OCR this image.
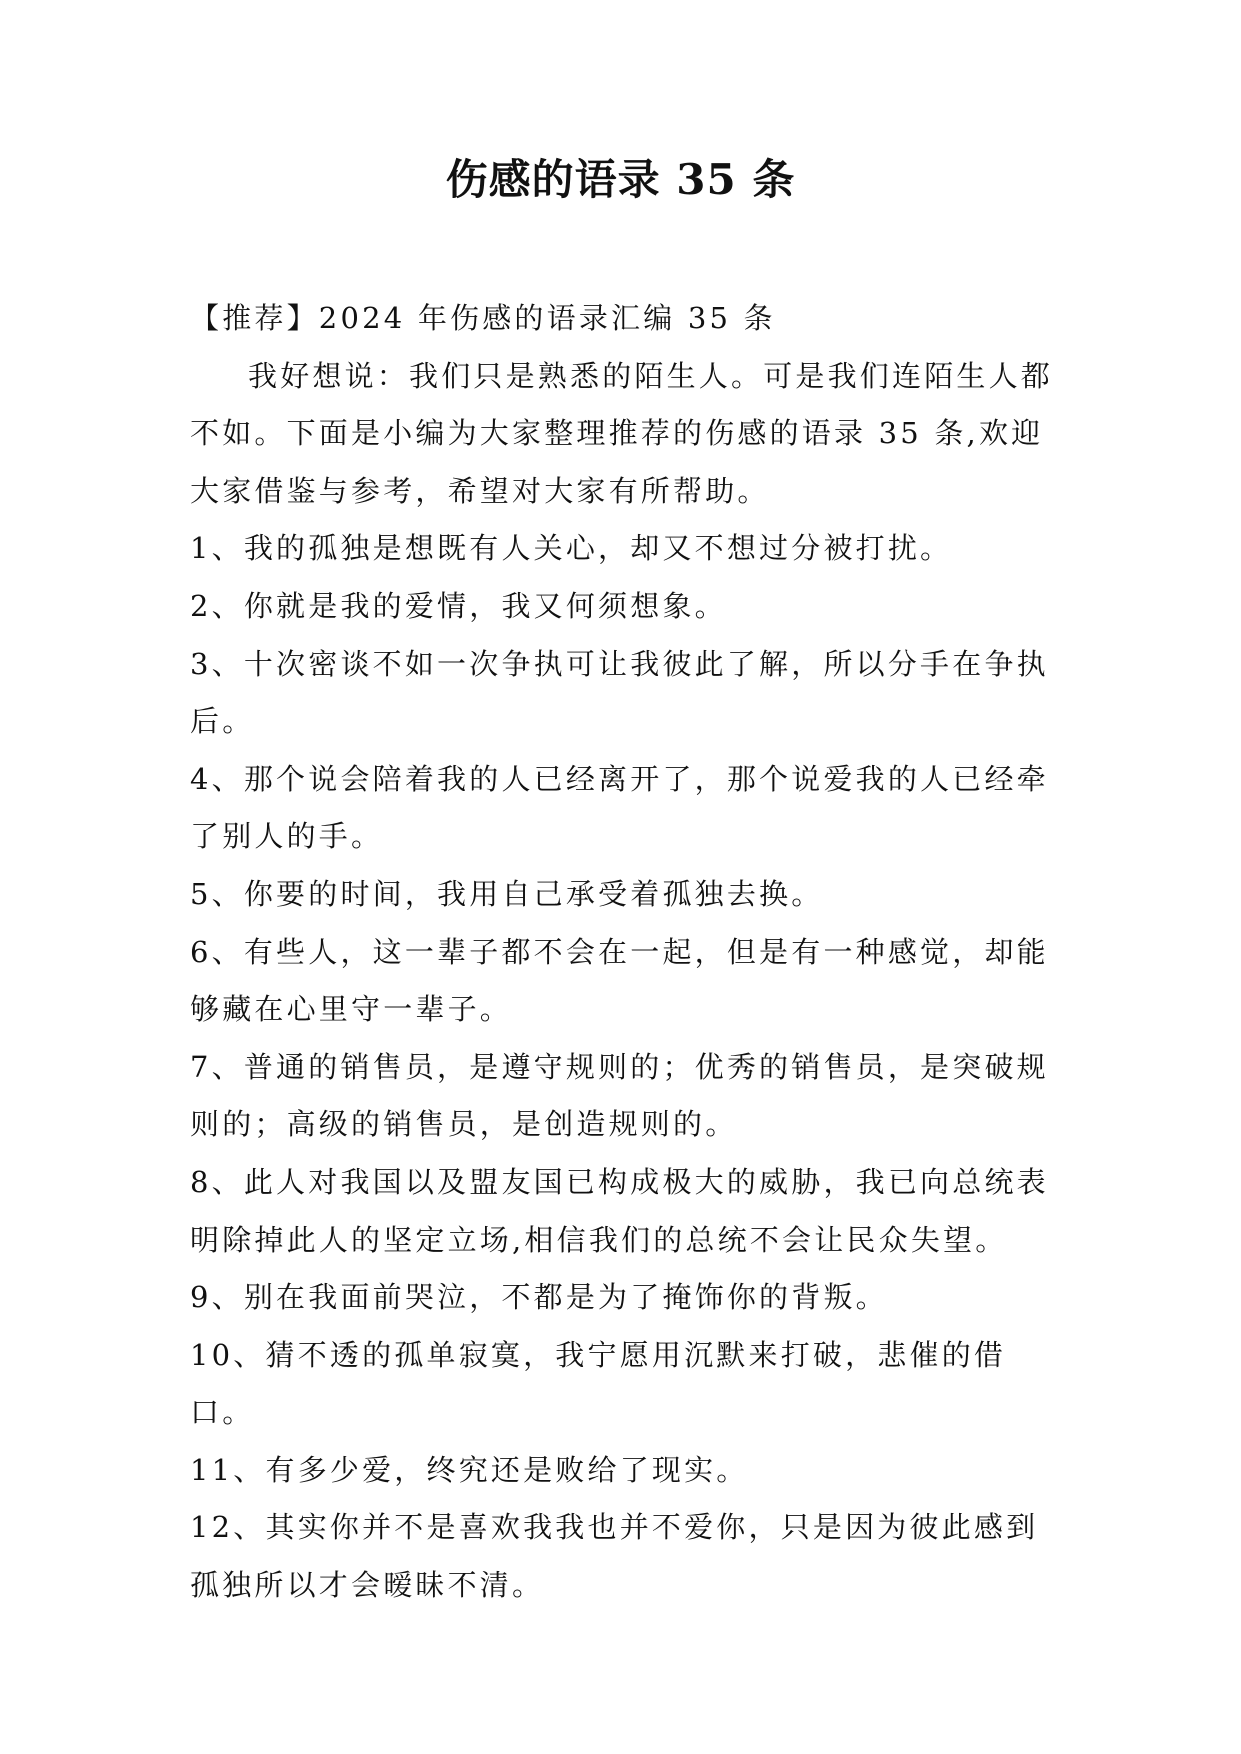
伤感的语录 35 条

【推荐】2024 年伤感的语录汇编 35 条

我好想说：我们只是熟悉的陌生人。可是我们连陌生人都不如。下面是小编为大家整理推荐的伤感的语录 35 条,欢迎大家借鉴与参考，希望对大家有所帮助。

1、我的孤独是想既有人关心，却又不想过分被打扰。

2、你就是我的爱情，我又何须想象。

3、十次密谈不如一次争执可让我彼此了解，所以分手在争执后。

4、那个说会陪着我的人已经离开了，那个说爱我的人已经牵了别人的手。

5、你要的时间，我用自己承受着孤独去换。

6、有些人，这一辈子都不会在一起，但是有一种感觉，却能够藏在心里守一辈子。

7、普通的销售员，是遵守规则的；优秀的销售员，是突破规则的；高级的销售员，是创造规则的。

8、此人对我国以及盟友国已构成极大的威胁，我已向总统表明除掉此人的坚定立场,相信我们的总统不会让民众失望。

9、别在我面前哭泣，不都是为了掩饰你的背叛。

10、猜不透的孤单寂寞，我宁愿用沉默来打破，悲催的借口。

11、有多少爱，终究还是败给了现实。

12、其实你并不是喜欢我我也并不爱你，只是因为彼此感到孤独所以才会暧昧不清。
